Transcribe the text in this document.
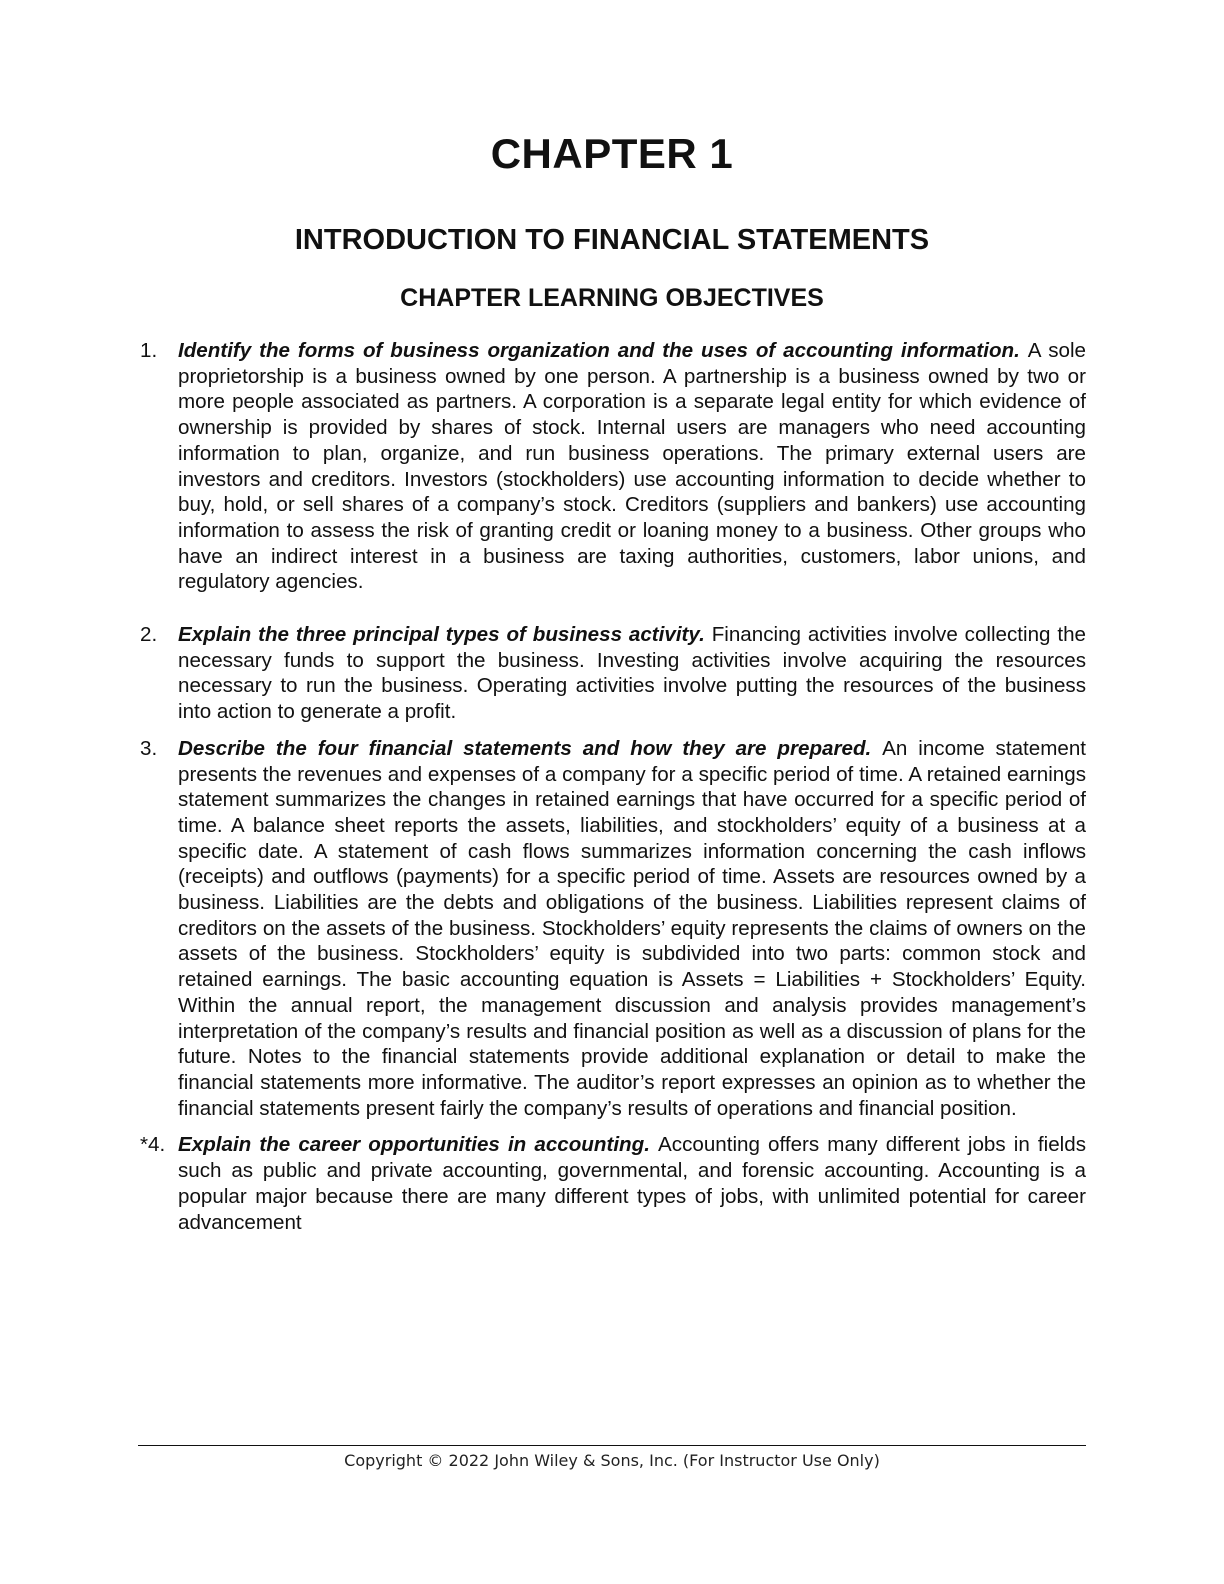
CHAPTER 1
INTRODUCTION TO FINANCIAL STATEMENTS
CHAPTER LEARNING OBJECTIVES
1. Identify the forms of business organization and the uses of accounting information. A sole proprietorship is a business owned by one person. A partnership is a business owned by two or more people associated as partners. A corporation is a separate legal entity for which evidence of ownership is provided by shares of stock. Internal users are managers who need accounting information to plan, organize, and run business operations. The primary external users are investors and creditors. Investors (stockholders) use accounting information to decide whether to buy, hold, or sell shares of a company’s stock. Creditors (suppliers and bankers) use accounting information to assess the risk of granting credit or loaning money to a business. Other groups who have an indirect interest in a business are taxing authorities, customers, labor unions, and regulatory agencies.
2. Explain the three principal types of business activity. Financing activities involve collecting the necessary funds to support the business. Investing activities involve acquiring the resources necessary to run the business. Operating activities involve putting the resources of the business into action to generate a profit.
3. Describe the four financial statements and how they are prepared. An income statement presents the revenues and expenses of a company for a specific period of time. A retained earnings statement summarizes the changes in retained earnings that have occurred for a specific period of time. A balance sheet reports the assets, liabilities, and stockholders’ equity of a business at a specific date. A statement of cash flows summarizes information concerning the cash inflows (receipts) and outflows (payments) for a specific period of time. Assets are resources owned by a business. Liabilities are the debts and obligations of the business. Liabilities represent claims of creditors on the assets of the business. Stockholders’ equity represents the claims of owners on the assets of the business. Stockholders’ equity is subdivided into two parts: common stock and retained earnings. The basic accounting equation is Assets = Liabilities + Stockholders’ Equity. Within the annual report, the management discussion and analysis provides management’s interpretation of the company’s results and financial position as well as a discussion of plans for the future. Notes to the financial statements provide additional explanation or detail to make the financial statements more informative. The auditor’s report expresses an opinion as to whether the financial statements present fairly the company’s results of operations and financial position.
*4. Explain the career opportunities in accounting. Accounting offers many different jobs in fields such as public and private accounting, governmental, and forensic accounting. Accounting is a popular major because there are many different types of jobs, with unlimited potential for career advancement
Copyright © 2022 John Wiley & Sons, Inc. (For Instructor Use Only)
